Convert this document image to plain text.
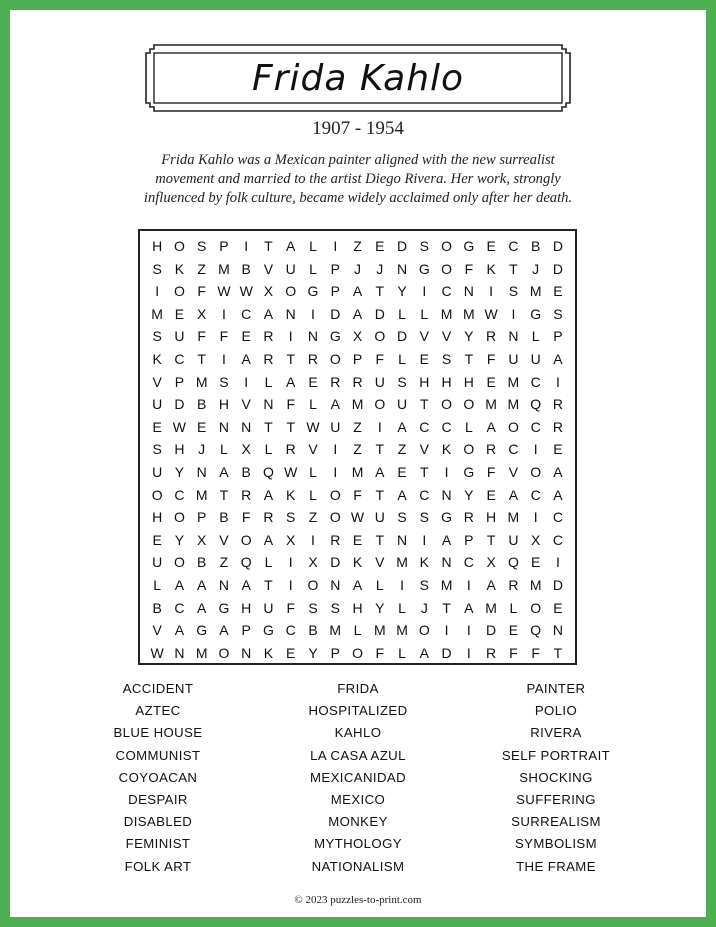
Frida Kahlo
1907 - 1954
Frida Kahlo was a Mexican painter aligned with the new surrealist movement and married to the artist Diego Rivera. Her work, strongly influenced by folk culture, became widely acclaimed only after her death.
H O S P	I	T A L	I	Z E D S O G E C B D
S K Z M B V U L P	J	J N G O F K T	J D
I	O F W W X O G P A T Y	I	C N	I	S M E
M E X	I	C A N	I	D A D L	L M M W I	G S
S U F F E R	I	N G X O D V V Y R N L P
K C T	I	A R T R O P F	L E S T F U U A
V P M S	I	L A E R R U S H H H E M C	I
U D B H V N F	L A M O U T O O M M Q R
E W E N N T T W U Z	I	A C C L A O C R
S H J	L X L R V	I	Z T Z V K O R C	I	E
U Y N A B Q W L	I	M A E T	I	G F V O A
O C M T R A K L O F T A C N Y E A C A
H O P B F R S Z O W U S S G R H M	I	C
E Y X V O A X	I	R E T N	I	A P T U X C
U O B Z Q L	I	X D K V M K N C X Q E	I
L A A N A T	I	O N A L	I	S M	I	A R M D
B C A G H U F S S H Y L	J	T A M L O E
V A G A P G C B M L M M O	I	I	D E Q N
W N M O N K E Y P O F	L A D	I	R F F T
ACCIDENT
AZTEC
BLUE HOUSE
COMMUNIST
COYOACAN
DESPAIR
DISABLED
FEMINIST
FOLK ART
FRIDA
HOSPITALIZED
KAHLO
LA CASA AZUL
MEXICANIDAD
MEXICO
MONKEY
MYTHOLOGY
NATIONALISM
PAINTER
POLIO
RIVERA
SELF PORTRAIT
SHOCKING
SUFFERING
SURREALISM
SYMBOLISM
THE FRAME
© 2023 puzzles-to-print.com
